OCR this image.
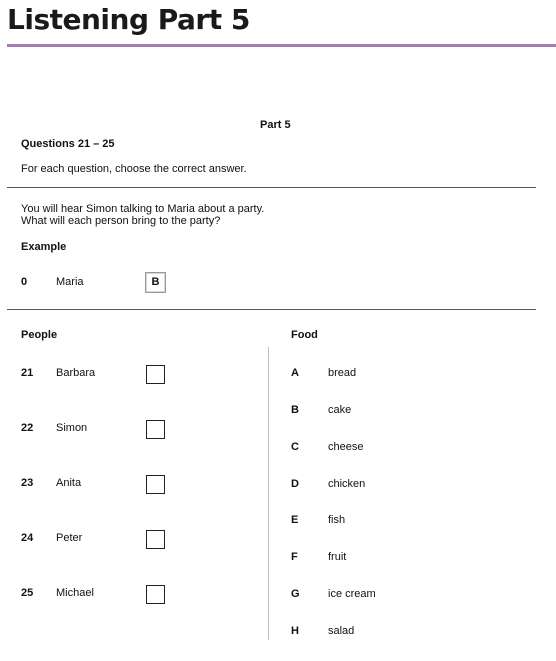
Listening Part 5
Part 5
Questions 21 – 25
For each question, choose the correct answer.
You will hear Simon talking to Maria about a party.
What will each person bring to the party?
Example
0	Maria	B
People	Food
21 Barbara
22 Simon
23 Anita
24 Peter
25 Michael
A	bread
B	cake
C	cheese
D	chicken
E	fish
F	fruit
G	ice cream
H	salad
